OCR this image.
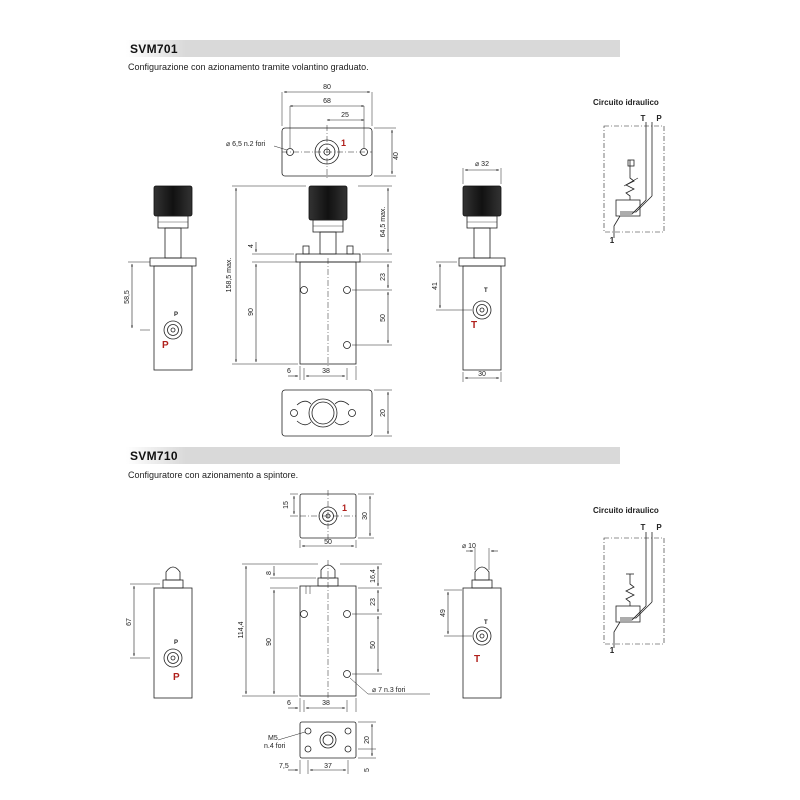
SVM701
Configurazione con azionamento tramite volantino graduato.
SVM710
Configuratore con azionamento a spintore.
80
68
25
40
⌀ 6,5 n.2 fori
158,5 max.
90
4
64,5 max.
23
50
6	38
58,5
⌀ 32
41
30
20
1
P
P
T
T
Circuito idraulico
T P
1
50
15
30
114,4
90
8	16,4
23
50
6	38
⌀ 7 n.3 fori
67
⌀ 10
49
M5
n.4 fori
20
7,5	37	5
1
P
P
T
T
Circuito idraulico
T P
1
